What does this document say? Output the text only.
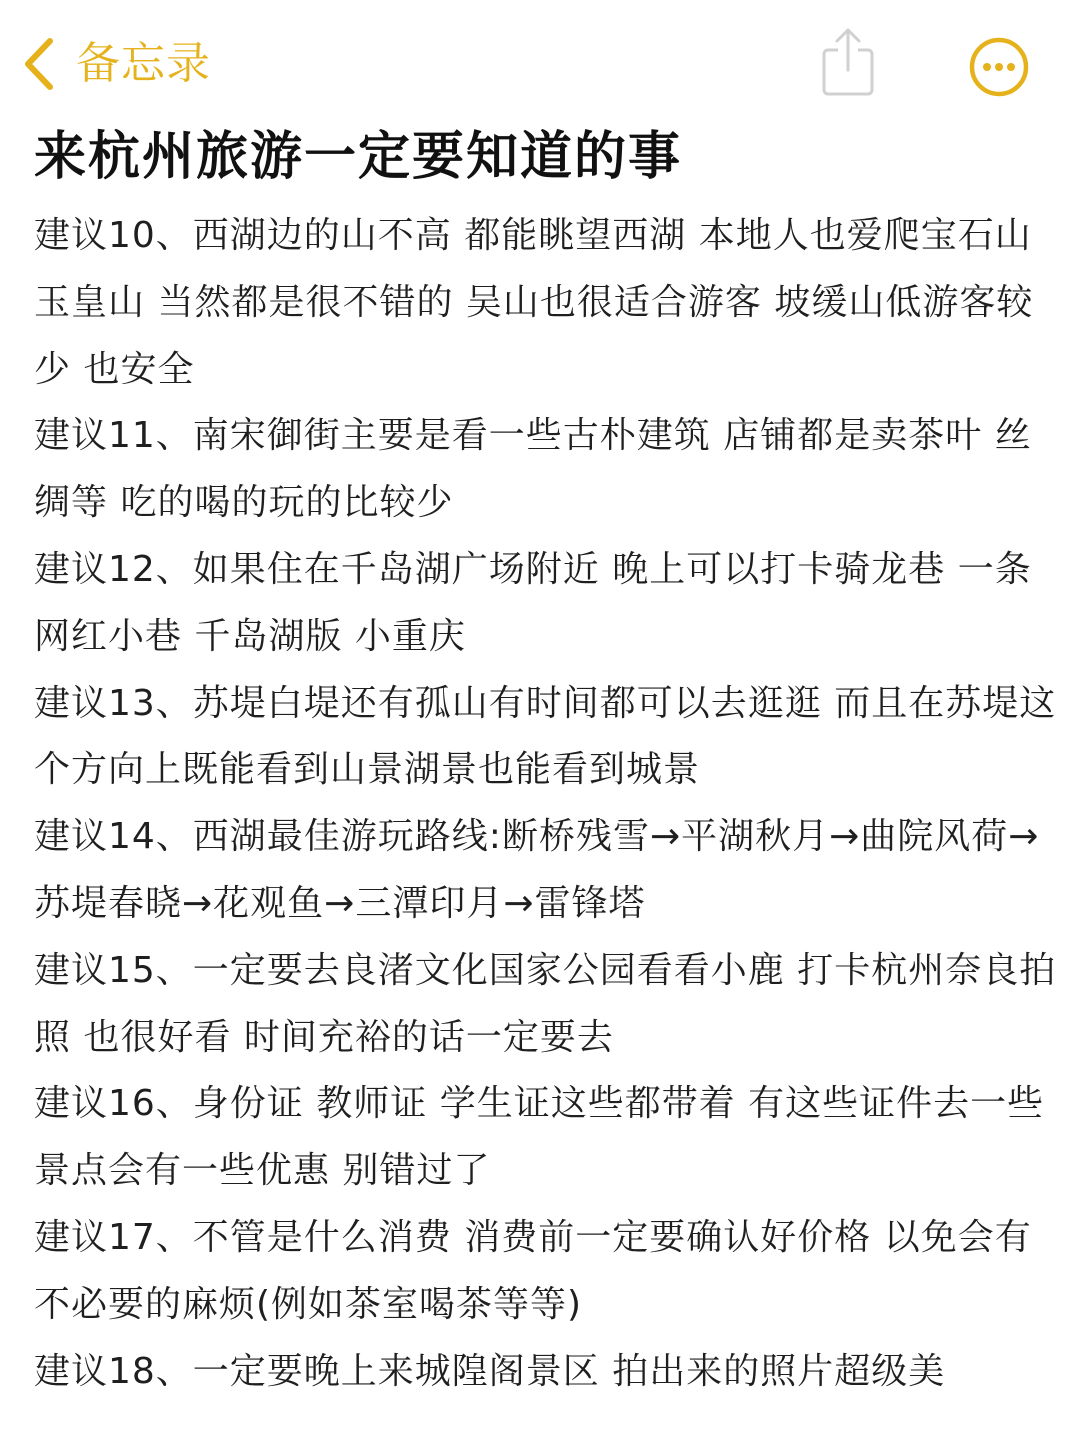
备忘录
来杭州旅游一定要知道的事

建议10、西湖边的山不高 都能眺望西湖 本地人也爱爬宝石山 玉皇山 当然都是很不错的 吴山也很适合游客 坡缓山低游客较少 也安全

建议11、南宋御街主要是看一些古朴建筑 店铺都是卖茶叶 丝绸等 吃的喝的玩的比较少

建议12、如果住在千岛湖广场附近 晚上可以打卡骑龙巷 一条网红小巷 千岛湖版 小重庆

建议13、苏堤白堤还有孤山有时间都可以去逛逛 而且在苏堤这个方向上既能看到山景湖景也能看到城景

建议14、西湖最佳游玩路线:断桥残雪→平湖秋月→曲院风荷→苏堤春晓→花观鱼→三潭印月→雷锋塔

建议15、一定要去良渚文化国家公园看看小鹿 打卡杭州奈良拍照 也很好看 时间充裕的话一定要去

建议16、身份证 教师证 学生证这些都带着 有这些证件去一些景点会有一些优惠 别错过了

建议17、不管是什么消费 消费前一定要确认好价格 以免会有不必要的麻烦(例如茶室喝茶等等)

建议18、一定要晚上来城隍阁景区 拍出来的照片超级美
